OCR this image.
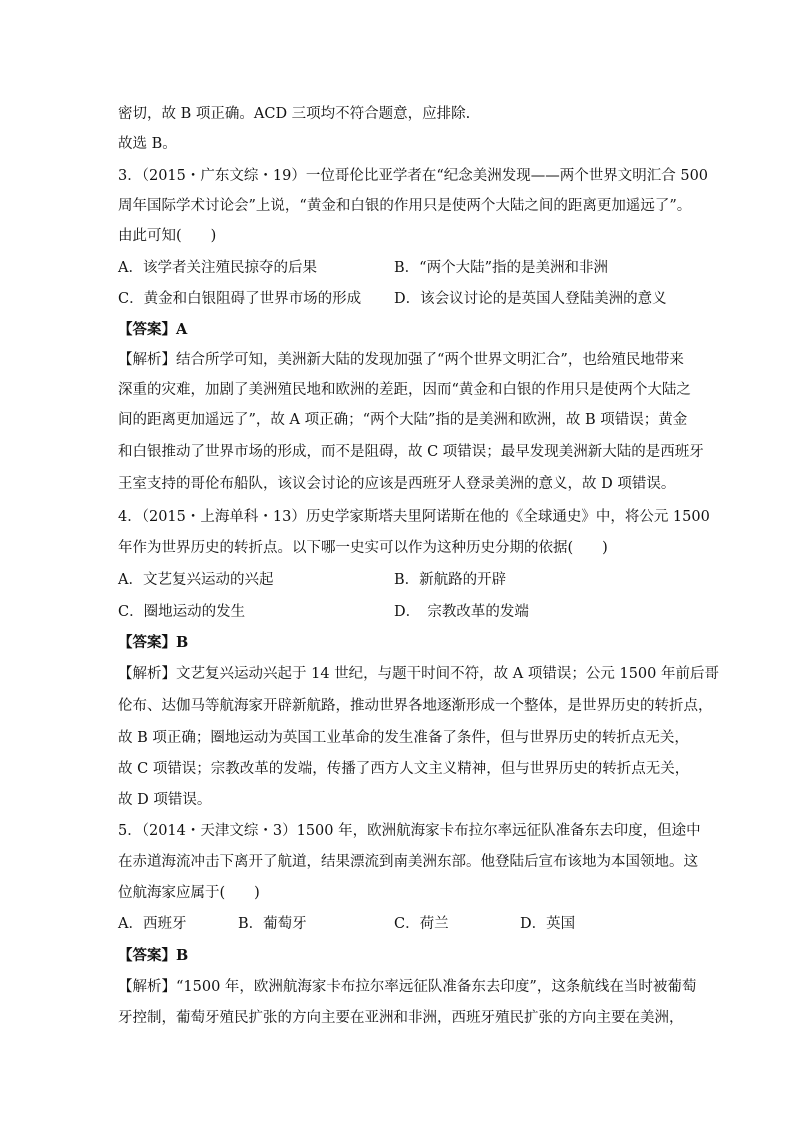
密切，故 B 项正确。ACD 三项均不符合题意，应排除.
故选 B。
3．（2015・广东文综・19）一位哥伦比亚学者在“纪念美洲发现——两个世界文明汇合 500
周年国际学术讨论会”上说，“黄金和白银的作用只是使两个大陆之间的距离更加遥远了”。
由此可知(　　)
A．该学者关注殖民掠夺的后果	B．“两个大陆”指的是美洲和非洲
C．黄金和白银阻碍了世界市场的形成 D．该会议讨论的是英国人登陆美洲的意义
【答案】A
【解析】结合所学可知，美洲新大陆的发现加强了“两个世界文明汇合”，也给殖民地带来
深重的灾难，加剧了美洲殖民地和欧洲的差距，因而“黄金和白银的作用只是使两个大陆之
间的距离更加遥远了”，故 A 项正确；“两个大陆”指的是美洲和欧洲，故 B 项错误；黄金
和白银推动了世界市场的形成，而不是阻碍，故 C 项错误；最早发现美洲新大陆的是西班牙
王室支持的哥伦布船队，该议会讨论的应该是西班牙人登录美洲的意义，故 D 项错误。
4．（2015・上海单科・13）历史学家斯塔夫里阿诺斯在他的《全球通史》中，将公元 1500
年作为世界历史的转折点。以下哪一史实可以作为这种历史分期的依据(　　)
A．文艺复兴运动的兴起	B．新航路的开辟
C．圈地运动的发生	D．　宗教改革的发端
【答案】B
【解析】文艺复兴运动兴起于 14 世纪，与题干时间不符，故 A 项错误；公元 1500 年前后哥
伦布、达伽马等航海家开辟新航路，推动世界各地逐渐形成一个整体，是世界历史的转折点，
故 B 项正确；圈地运动为英国工业革命的发生准备了条件，但与世界历史的转折点无关，
故 C 项错误；宗教改革的发端，传播了西方人文主义精神，但与世界历史的转折点无关，
故 D 项错误。
5．（2014・天津文综・3）1500 年，欧洲航海家卡布拉尔率远征队准备东去印度，但途中
在赤道海流冲击下离开了航道，结果漂流到南美洲东部。他登陆后宣布该地为本国领地。这
位航海家应属于(　　)
A．西班牙	B．葡萄牙	C．荷兰	D．英国
【答案】B
【解析】“1500 年，欧洲航海家卡布拉尔率远征队准备东去印度”，这条航线在当时被葡萄
牙控制，葡萄牙殖民扩张的方向主要在亚洲和非洲，西班牙殖民扩张的方向主要在美洲，
